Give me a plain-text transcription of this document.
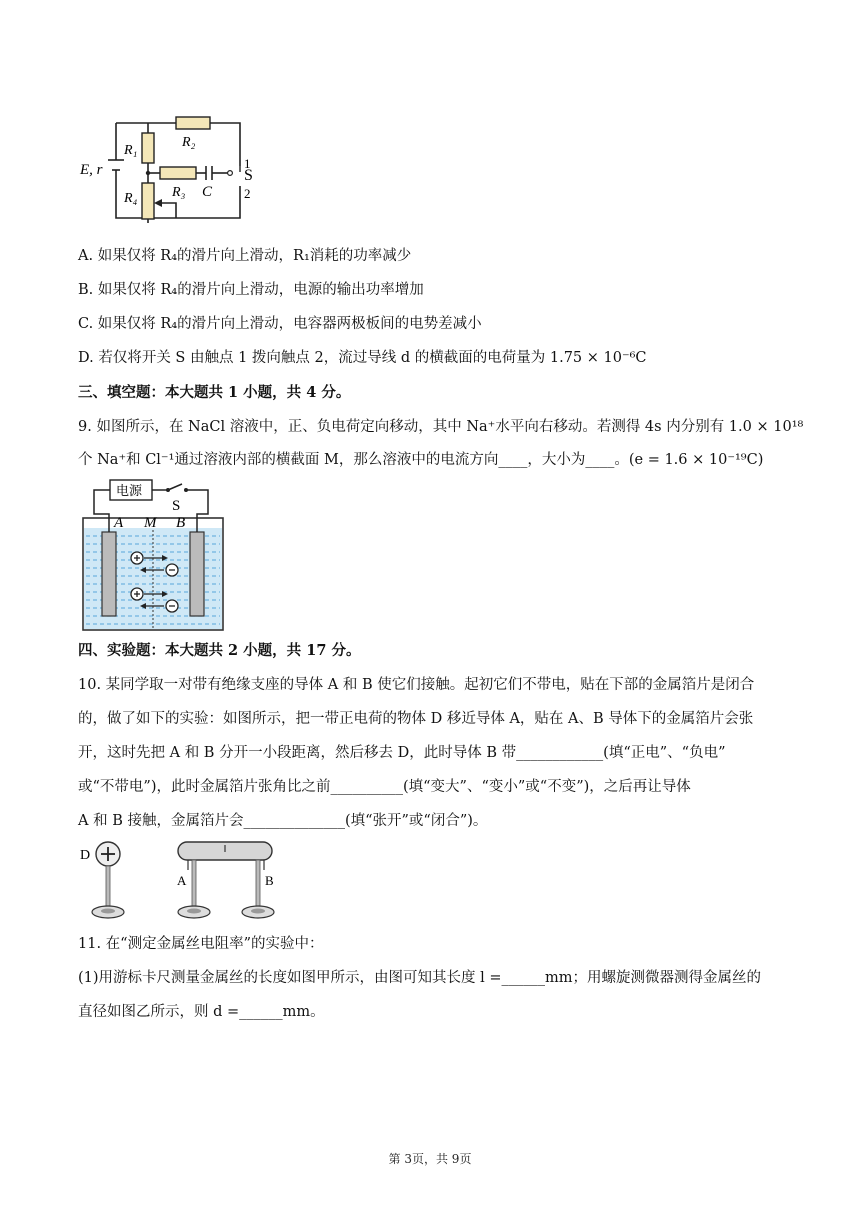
E, r
R₁
R₂
R₃
R₄	C
1
S
2
A. 如果仅将 R₄的滑片向上滑动，R₁消耗的功率减少
B. 如果仅将 R₄的滑片向上滑动，电源的输出功率增加
C. 如果仅将 R₄的滑片向上滑动，电容器两极板间的电势差减小
D. 若仅将开关 S 由触点 1 拨向触点 2，流过导线 d 的横截面的电荷量为 1.75 × 10⁻⁶C
三、填空题：本大题共 1 小题，共 4 分。
9. 如图所示，在 NaCl 溶液中，正、负电荷定向移动，其中 Na⁺水平向右移动。若测得 4s 内分别有 1.0 × 10¹⁸
个 Na⁺和 Cl⁻¹通过溶液内部的横截面 M，那么溶液中的电流方向____，大小为____。(e = 1.6 × 10⁻¹⁹C)
电源
S
A M B
四、实验题：本大题共 2 小题，共 17 分。
10. 某同学取一对带有绝缘支座的导体 A 和 B 使它们接触。起初它们不带电，贴在下部的金属箔片是闭合
的，做了如下的实验：如图所示，把一带正电荷的物体 D 移近导体 A，贴在 A、B 导体下的金属箔片会张
开，这时先把 A 和 B 分开一小段距离，然后移去 D，此时导体 B 带____________(填“正电”、“负电”
或“不带电”)，此时金属箔片张角比之前__________(填“变大”、“变小”或“不变”)，之后再让导体
A 和 B 接触，金属箔片会______________(填“张开”或“闭合”)。
D
A	B
11. 在“测定金属丝电阻率”的实验中：
(1)用游标卡尺测量金属丝的长度如图甲所示，由图可知其长度 l =______mm；用螺旋测微器测得金属丝的
直径如图乙所示，则 d =______mm。
第 3页，共 9页
